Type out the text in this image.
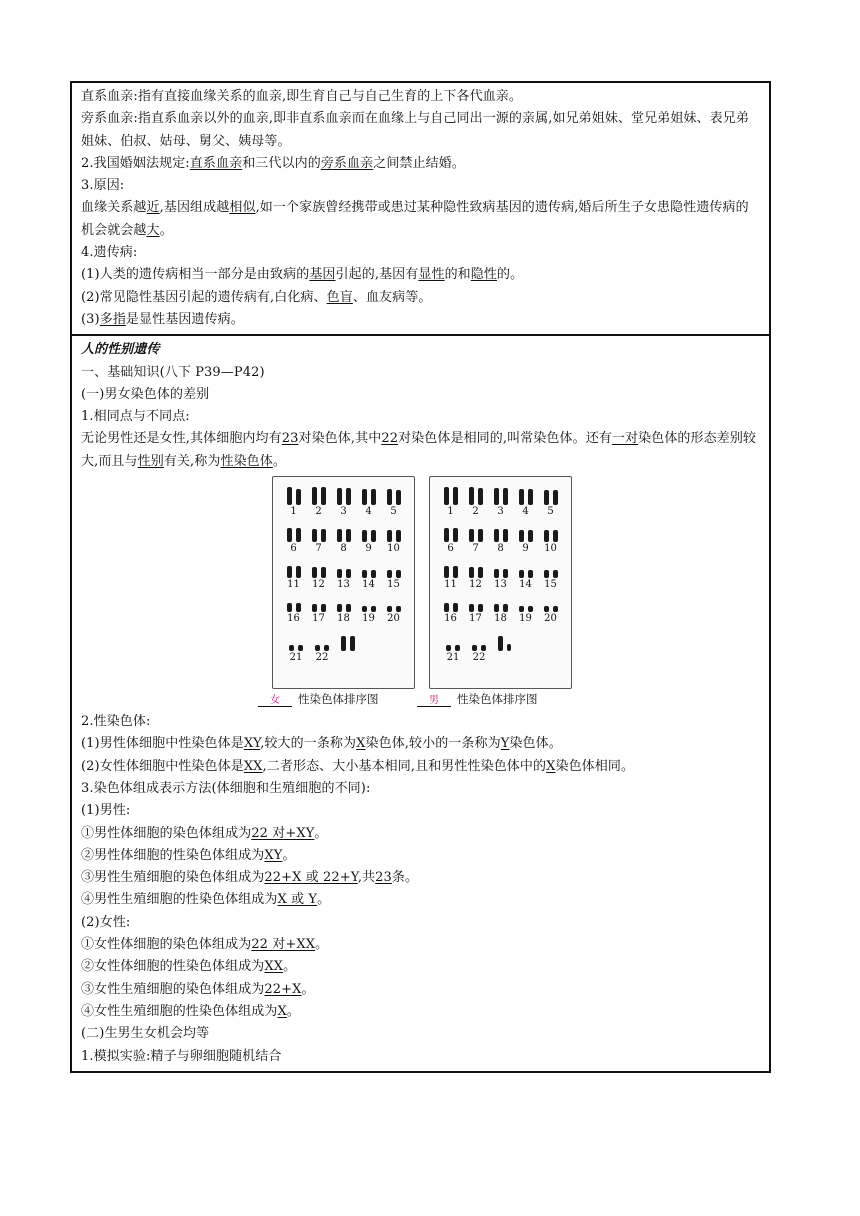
直系血亲:指有直接血缘关系的血亲,即生育自己与自己生育的上下各代血亲。
旁系血亲:指直系血亲以外的血亲,即非直系血亲而在血缘上与自己同出一源的亲属,如兄弟姐妹、堂兄弟姐妹、表兄弟姐妹、伯叔、姑母、舅父、姨母等。
2.我国婚姻法规定:直系血亲和三代以内的旁系血亲之间禁止结婚。
3.原因:
血缘关系越近,基因组成越相似,如一个家族曾经携带或患过某种隐性致病基因的遗传病,婚后所生子女患隐性遗传病的机会就会越大。
4.遗传病:
(1)人类的遗传病相当一部分是由致病的基因引起的,基因有显性的和隐性的。
(2)常见隐性基因引起的遗传病有,白化病、色盲、血友病等。
(3)多指是显性基因遗传病。
人的性别遗传
一、基础知识(八下 P39—P42)
(一)男女染色体的差别
1.相同点与不同点:
无论男性还是女性,其体细胞内均有23对染色体,其中22对染色体是相同的,叫常染色体。还有一对染色体的形态差别较大,而且与性别有关,称为性染色体。
1	2	3	4	5
6	7	8	9	10
11	12	13	14	15
16	17	18	19	20
21	22
1	2	3	4	5
6	7	8	9	10
11	12	13	14	15
16	17	18	19	20
21	22
女 性染色体排序图	男 性染色体排序图
2.性染色体:
(1)男性体细胞中性染色体是XY,较大的一条称为X染色体,较小的一条称为Y染色体。
(2)女性体细胞中性染色体是XX,二者形态、大小基本相同,且和男性性染色体中的X染色体相同。
3.染色体组成表示方法(体细胞和生殖细胞的不同):
(1)男性:
①男性体细胞的染色体组成为22 对+XY。
②男性体细胞的性染色体组成为XY。
③男性生殖细胞的染色体组成为22+X 或 22+Y,共23条。
④男性生殖细胞的性染色体组成为X 或 Y。
(2)女性:
①女性体细胞的染色体组成为22 对+XX。
②女性体细胞的性染色体组成为XX。
③女性生殖细胞的染色体组成为22+X。
④女性生殖细胞的性染色体组成为X。
(二)生男生女机会均等
1.模拟实验:精子与卵细胞随机结合
